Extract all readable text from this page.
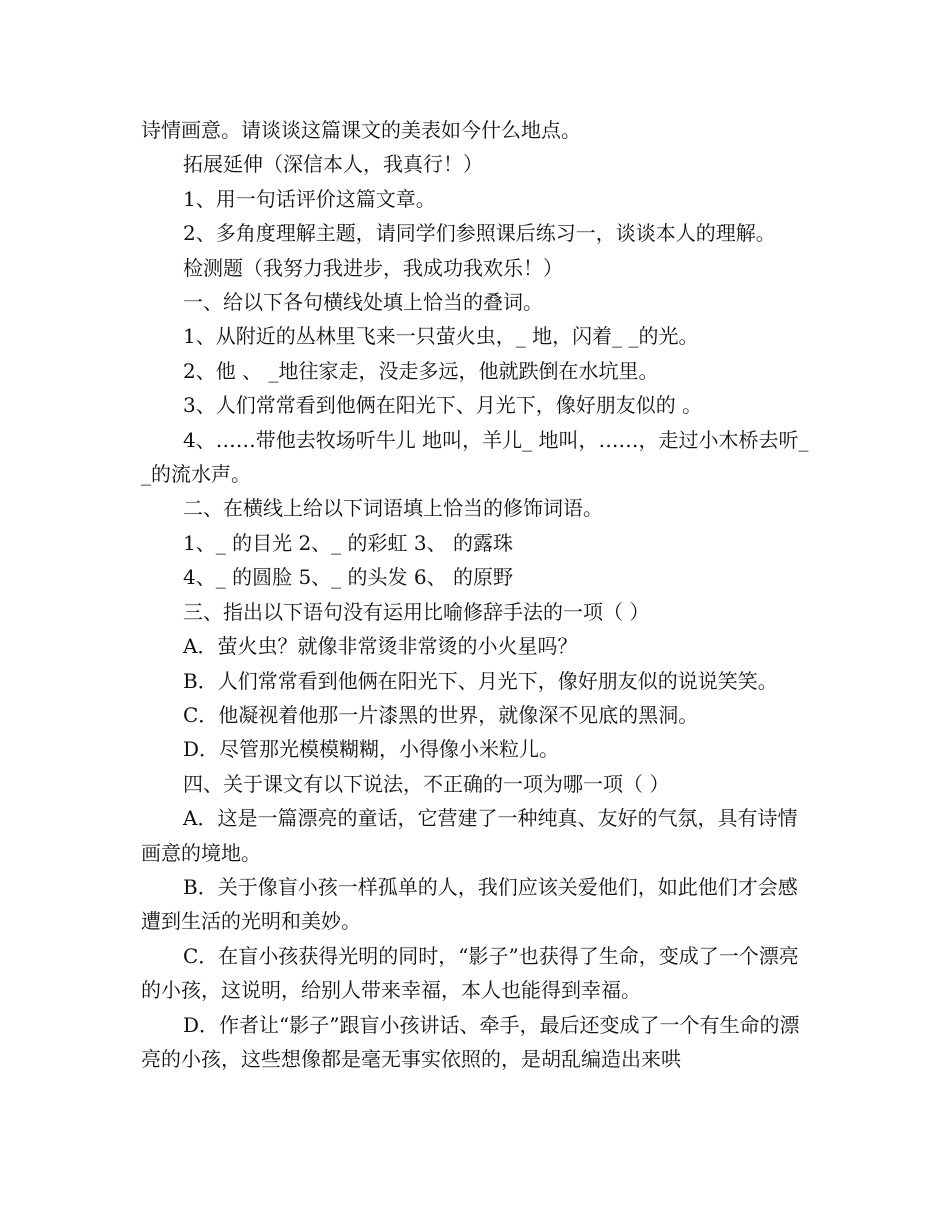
诗情画意。请谈谈这篇课文的美表如今什么地点。

拓展延伸（深信本人，我真行！）

1、用一句话评价这篇文章。

2、多角度理解主题，请同学们参照课后练习一，谈谈本人的理解。

检测题（我努力我进步，我成功我欢乐！）

一、给以下各句横线处填上恰当的叠词。

1、从附近的丛林里飞来一只萤火虫，_ 地，闪着_ _的光。

2、他 、 _地往家走，没走多远，他就跌倒在水坑里。

3、人们常常看到他俩在阳光下、月光下，像好朋友似的 。

4、……带他去牧场听牛儿 地叫，羊儿_ 地叫，……，走过小木桥去听_ _的流水声。

二、在横线上给以下词语填上恰当的修饰词语。

1、_ 的目光 2、_ 的彩虹 3、 的露珠

4、_ 的圆脸 5、_ 的头发 6、 的原野

三、指出以下语句没有运用比喻修辞手法的一项（ ）

A．萤火虫？就像非常烫非常烫的小火星吗？

B．人们常常看到他俩在阳光下、月光下，像好朋友似的说说笑笑。

C．他凝视着他那一片漆黑的世界，就像深不见底的黑洞。

D．尽管那光模模糊糊，小得像小米粒儿。

四、关于课文有以下说法，不正确的一项为哪一项（ ）

A．这是一篇漂亮的童话，它营建了一种纯真、友好的气氛，具有诗情画意的境地。

B．关于像盲小孩一样孤单的人，我们应该关爱他们，如此他们才会感遭到生活的光明和美妙。

C．在盲小孩获得光明的同时，“影子”也获得了生命，变成了一个漂亮的小孩，这说明，给别人带来幸福，本人也能得到幸福。

D．作者让“影子”跟盲小孩讲话、牵手，最后还变成了一个有生命的漂亮的小孩，这些想像都是毫无事实依照的，是胡乱编造出来哄
